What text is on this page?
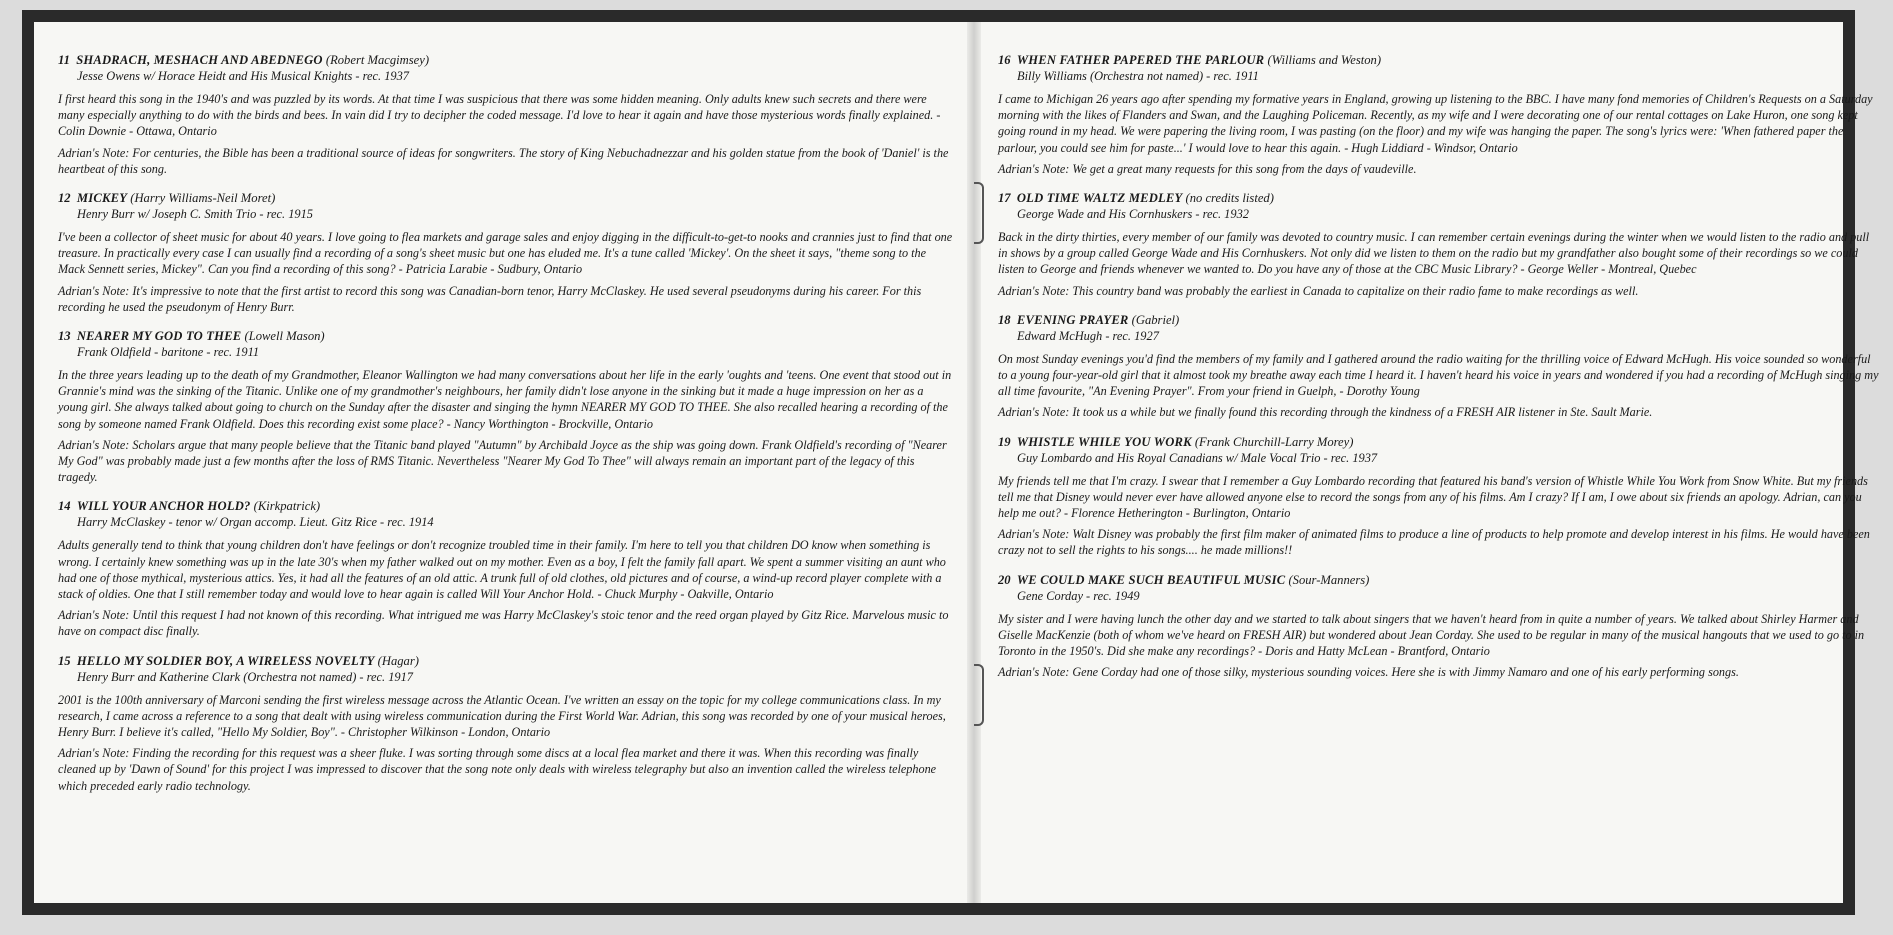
11 SHADRACH, MESHACH AND ABEDNEGO (Robert Macgimsey)
Jesse Owens w/ Horace Heidt and His Musical Knights - rec. 1937

I first heard this song in the 1940's and was puzzled by its words. At that time I was suspicious that there was some hidden meaning. Only adults knew such secrets and there were many especially anything to do with the birds and bees. In vain did I try to decipher the coded message. I'd love to hear it again and have those mysterious words finally explained. - Colin Downie - Ottawa, Ontario

Adrian's Note: For centuries, the Bible has been a traditional source of ideas for songwriters. The story of King Nebuchadnezzar and his golden statue from the book of 'Daniel' is the heartbeat of this song.

12 MICKEY (Harry Williams-Neil Moret)
Henry Burr w/ Joseph C. Smith Trio - rec. 1915

I've been a collector of sheet music for about 40 years. I love going to flea markets and garage sales and enjoy digging in the difficult-to-get-to nooks and crannies just to find that one treasure. In practically every case I can usually find a recording of a song's sheet music but one has eluded me. It's a tune called 'Mickey'. On the sheet it says, "theme song to the Mack Sennett series, Mickey". Can you find a recording of this song? - Patricia Larabie - Sudbury, Ontario

Adrian's Note: It's impressive to note that the first artist to record this song was Canadian-born tenor, Harry McClaskey. He used several pseudonyms during his career. For this recording he used the pseudonym of Henry Burr.

13 NEARER MY GOD TO THEE (Lowell Mason)
Frank Oldfield - baritone - rec. 1911

In the three years leading up to the death of my Grandmother, Eleanor Wallington we had many conversations about her life in the early 'oughts and 'teens. One event that stood out in Grannie's mind was the sinking of the Titanic. Unlike one of my grandmother's neighbours, her family didn't lose anyone in the sinking but it made a huge impression on her as a young girl. She always talked about going to church on the Sunday after the disaster and singing the hymn NEARER MY GOD TO THEE. She also recalled hearing a recording of the song by someone named Frank Oldfield. Does this recording exist some place? - Nancy Worthington - Brockville, Ontario

Adrian's Note: Scholars argue that many people believe that the Titanic band played "Autumn" by Archibald Joyce as the ship was going down. Frank Oldfield's recording of "Nearer My God" was probably made just a few months after the loss of RMS Titanic. Nevertheless "Nearer My God To Thee" will always remain an important part of the legacy of this tragedy.

14 WILL YOUR ANCHOR HOLD? (Kirkpatrick)
Harry McClaskey - tenor w/ Organ accomp. Lieut. Gitz Rice - rec. 1914

Adults generally tend to think that young children don't have feelings or don't recognize troubled time in their family. I'm here to tell you that children DO know when something is wrong. I certainly knew something was up in the late 30's when my father walked out on my mother. Even as a boy, I felt the family fall apart. We spent a summer visiting an aunt who had one of those mythical, mysterious attics. Yes, it had all the features of an old attic. A trunk full of old clothes, old pictures and of course, a wind-up record player complete with a stack of oldies. One that I still remember today and would love to hear again is called Will Your Anchor Hold. - Chuck Murphy - Oakville, Ontario

Adrian's Note: Until this request I had not known of this recording. What intrigued me was Harry McClaskey's stoic tenor and the reed organ played by Gitz Rice. Marvelous music to have on compact disc finally.

15 HELLO MY SOLDIER BOY, A WIRELESS NOVELTY (Hagar)
Henry Burr and Katherine Clark (Orchestra not named) - rec. 1917

2001 is the 100th anniversary of Marconi sending the first wireless message across the Atlantic Ocean. I've written an essay on the topic for my college communications class. In my research, I came across a reference to a song that dealt with using wireless communication during the First World War. Adrian, this song was recorded by one of your musical heroes, Henry Burr. I believe it's called, "Hello My Soldier, Boy". - Christopher Wilkinson - London, Ontario

Adrian's Note: Finding the recording for this request was a sheer fluke. I was sorting through some discs at a local flea market and there it was. When this recording was finally cleaned up by 'Dawn of Sound' for this project I was impressed to discover that the song note only deals with wireless telegraphy but also an invention called the wireless telephone which preceded early radio technology.

16 WHEN FATHER PAPERED THE PARLOUR (Williams and Weston)
Billy Williams (Orchestra not named) - rec. 1911

I came to Michigan 26 years ago after spending my formative years in England, growing up listening to the BBC. I have many fond memories of Children's Requests on a Saturday morning with the likes of Flanders and Swan, and the Laughing Policeman. Recently, as my wife and I were decorating one of our rental cottages on Lake Huron, one song kept going round in my head. We were papering the living room, I was pasting (on the floor) and my wife was hanging the paper. The song's lyrics were: 'When fathered paper the parlour, you could see him for paste...' I would love to hear this again. - Hugh Liddiard - Windsor, Ontario

Adrian's Note: We get a great many requests for this song from the days of vaudeville.

17 OLD TIME WALTZ MEDLEY (no credits listed)
George Wade and His Cornhuskers - rec. 1932

Back in the dirty thirties, every member of our family was devoted to country music. I can remember certain evenings during the winter when we would listen to the radio and pull in shows by a group called George Wade and His Cornhuskers. Not only did we listen to them on the radio but my grandfather also bought some of their recordings so we could listen to George and friends whenever we wanted to. Do you have any of those at the CBC Music Library? - George Weller - Montreal, Quebec

Adrian's Note: This country band was probably the earliest in Canada to capitalize on their radio fame to make recordings as well.

18 EVENING PRAYER (Gabriel)
Edward McHugh - rec. 1927

On most Sunday evenings you'd find the members of my family and I gathered around the radio waiting for the thrilling voice of Edward McHugh. His voice sounded so wonderful to a young four-year-old girl that it almost took my breathe away each time I heard it. I haven't heard his voice in years and wondered if you had a recording of McHugh singing my all time favourite, "An Evening Prayer". From your friend in Guelph, - Dorothy Young

Adrian's Note: It took us a while but we finally found this recording through the kindness of a FRESH AIR listener in Ste. Sault Marie.

19 WHISTLE WHILE YOU WORK (Frank Churchill-Larry Morey)
Guy Lombardo and His Royal Canadians w/ Male Vocal Trio - rec. 1937

My friends tell me that I'm crazy. I swear that I remember a Guy Lombardo recording that featured his band's version of Whistle While You Work from Snow White. But my friends tell me that Disney would never ever have allowed anyone else to record the songs from any of his films. Am I crazy? If I am, I owe about six friends an apology. Adrian, can you help me out? - Florence Hetherington - Burlington, Ontario

Adrian's Note: Walt Disney was probably the first film maker of animated films to produce a line of products to help promote and develop interest in his films. He would have been crazy not to sell the rights to his songs.... he made millions!!

20 WE COULD MAKE SUCH BEAUTIFUL MUSIC (Sour-Manners)
Gene Corday - rec. 1949

My sister and I were having lunch the other day and we started to talk about singers that we haven't heard from in quite a number of years. We talked about Shirley Harmer and Giselle MacKenzie (both of whom we've heard on FRESH AIR) but wondered about Jean Corday. She used to be regular in many of the musical hangouts that we used to go to in Toronto in the 1950's. Did she make any recordings? - Doris and Hatty McLean - Brantford, Ontario

Adrian's Note: Gene Corday had one of those silky, mysterious sounding voices. Here she is with Jimmy Namaro and one of his early performing songs.
